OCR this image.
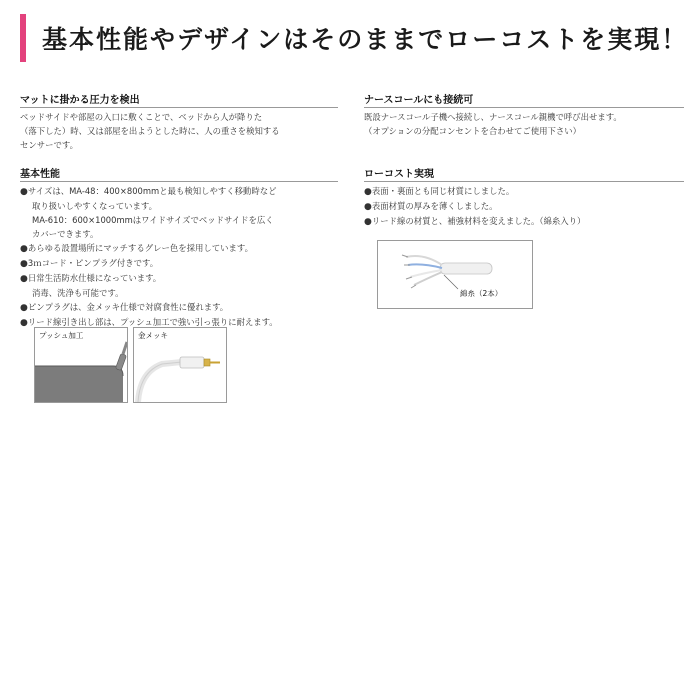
基本性能やデザインはそのままでローコストを実現！
マットに掛かる圧力を検出
ベッドサイドや部屋の入口に敷くことで、ベッドから人が降りた
（落下した）時、又は部屋を出ようとした時に、人の重さを検知する
センサーです。
ナースコールにも接続可
既設ナースコール子機へ接続し、ナースコール親機で呼び出せます。
（オプションの分配コンセントを合わせてご使用下さい）
基本性能
●サイズは、MA-48：400×800mmと最も検知しやすく移動時など
取り扱いしやすくなっています。
MA-610：600×1000mmはワイドサイズでベッドサイドを広く
カバーできます。
●あらゆる設置場所にマッチするグレー色を採用しています。
●3ｍコード・ピンプラグ付きです。
●日常生活防水仕様になっています。
消毒、洗浄も可能です。
●ピンプラグは、金メッキ仕様で対腐食性に優れます。
●リード線引き出し部は、プッシュ加工で強い引っ張りに耐えます。
ローコスト実現
●表面・裏面とも同じ材質にしました。
●表面材質の厚みを薄くしました。
●リード線の材質と、補強材料を変えました。（綿糸入り）
プッシュ加工	金メッキ
綿糸（2本）
